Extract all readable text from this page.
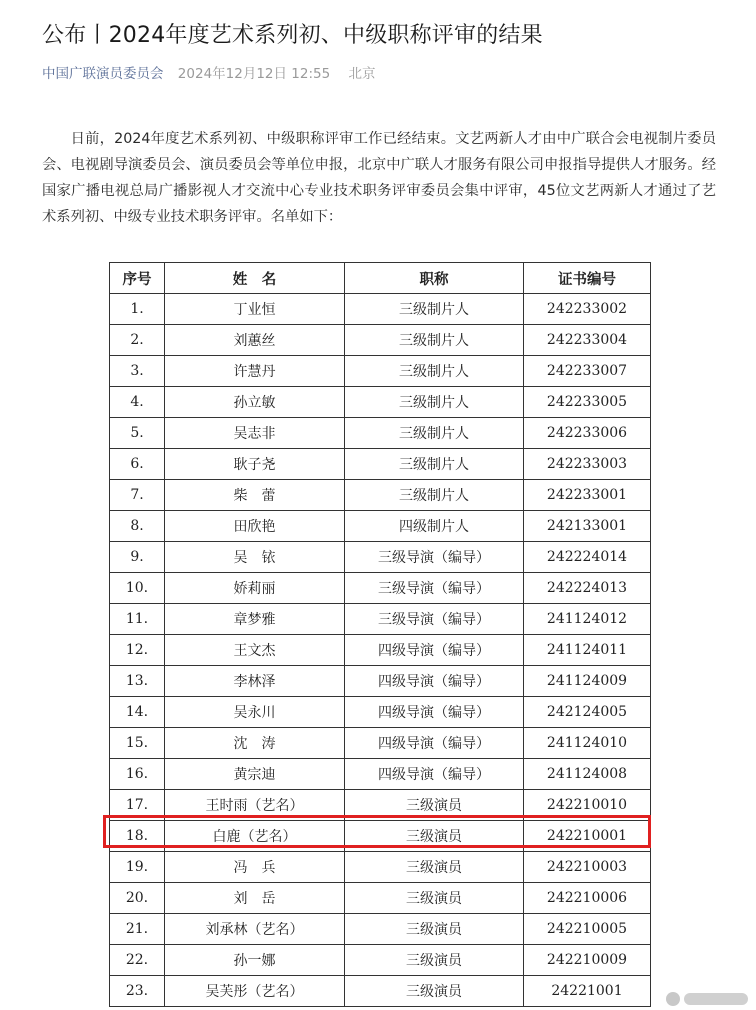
公布丨2024年度艺术系列初、中级职称评审的结果
中国广联演员委员会 2024年12月12日 12:55 北京
日前，2024年度艺术系列初、中级职称评审工作已经结束。文艺两新人才由中广联合会电视制片委员会、电视剧导演委员会、演员委员会等单位申报，北京中广联人才服务有限公司申报指导提供人才服务。经国家广播电视总局广播影视人才交流中心专业技术职务评审委员会集中评审，45位文艺两新人才通过了艺术系列初、中级专业技术职务评审。名单如下：
序号	姓　名	职称	证书编号
1.	丁业恒	三级制片人	242233002
2.	刘蕙丝	三级制片人	242233004
3.	许慧丹	三级制片人	242233007
4.	孙立敏	三级制片人	242233005
5.	吴志非	三级制片人	242233006
6.	耿子尧	三级制片人	242233003
7.	柴　蕾	三级制片人	242233001
8.	田欣艳	四级制片人	242133001
9.	吴　铱	三级导演（编导）	242224014
10.	娇莉丽	三级导演（编导）	242224013
11.	章梦雅	三级导演（编导）	241124012
12.	王文杰	四级导演（编导）	241124011
13.	李林泽	四级导演（编导）	241124009
14.	吴永川	四级导演（编导）	242124005
15.	沈　涛	四级导演（编导）	241124010
16.	黄宗迪	四级导演（编导）	241124008
17.	王时雨（艺名）	三级演员	242210010
18.	白鹿（艺名）	三级演员	242210001
19.	冯　兵	三级演员	242210003
20.	刘　岳	三级演员	242210006
21.	刘承林（艺名）	三级演员	242210005
22.	孙一娜	三级演员	242210009
23.	吴芙彤（艺名）	三级演员	24221001
